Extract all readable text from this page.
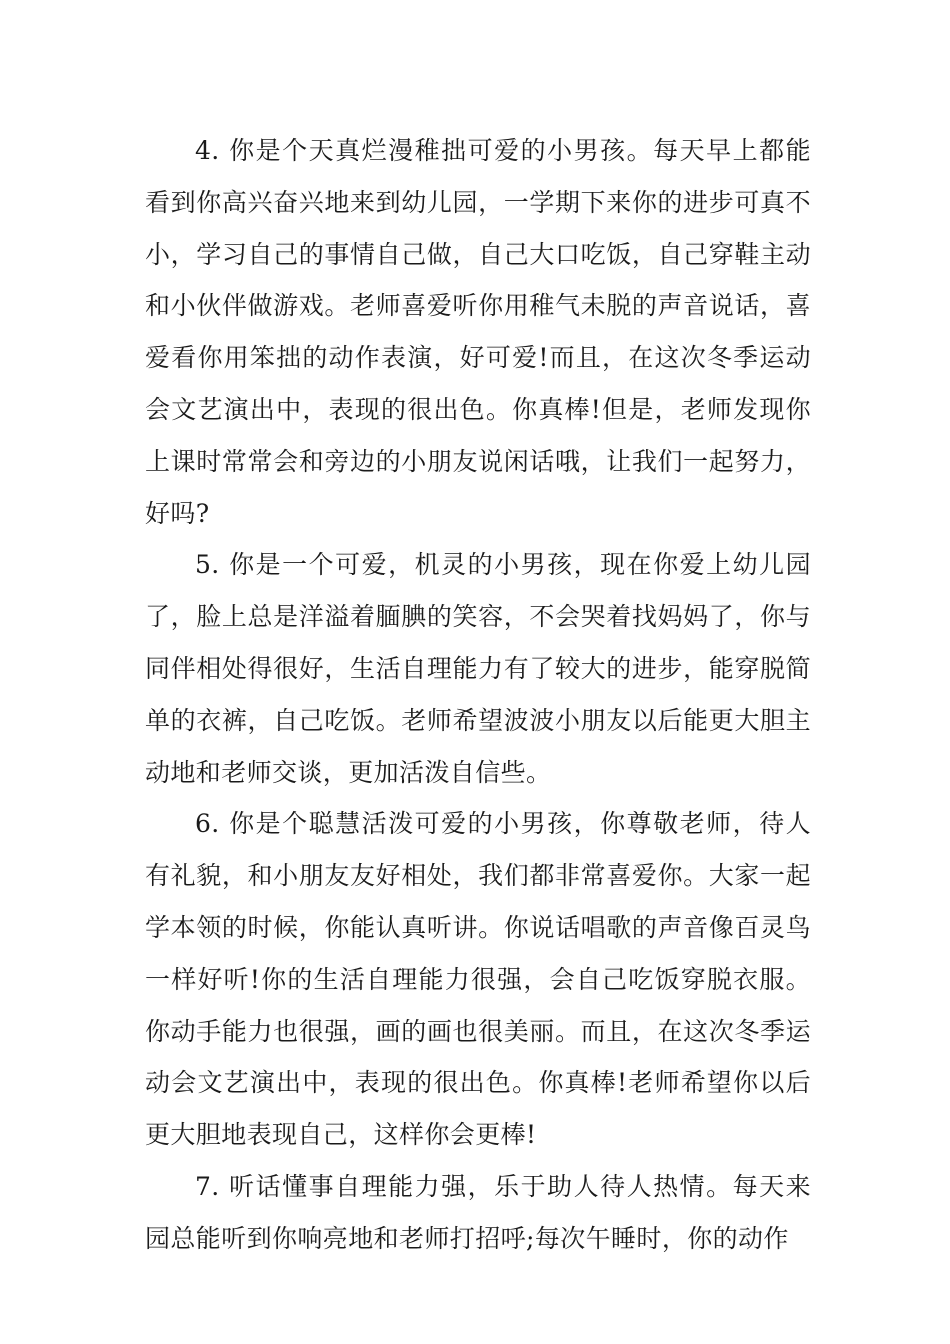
4. 你是个天真烂漫稚拙可爱的小男孩。每天早上都能看到你高兴奋兴地来到幼儿园，一学期下来你的进步可真不小，学习自己的事情自己做，自己大口吃饭，自己穿鞋主动和小伙伴做游戏。老师喜爱听你用稚气未脱的声音说话，喜爱看你用笨拙的动作表演，好可爱!而且，在这次冬季运动会文艺演出中，表现的很出色。你真棒!但是，老师发现你上课时常常会和旁边的小朋友说闲话哦，让我们一起努力，好吗?

5. 你是一个可爱，机灵的小男孩，现在你爱上幼儿园了，脸上总是洋溢着腼腆的笑容，不会哭着找妈妈了，你与同伴相处得很好，生活自理能力有了较大的进步，能穿脱简单的衣裤，自己吃饭。老师希望波波小朋友以后能更大胆主动地和老师交谈，更加活泼自信些。

6. 你是个聪慧活泼可爱的小男孩，你尊敬老师，待人有礼貌，和小朋友友好相处，我们都非常喜爱你。大家一起学本领的时候，你能认真听讲。你说话唱歌的声音像百灵鸟一样好听!你的生活自理能力很强，会自己吃饭穿脱衣服。你动手能力也很强，画的画也很美丽。而且，在这次冬季运动会文艺演出中，表现的很出色。你真棒!老师希望你以后更大胆地表现自己，这样你会更棒!

7. 听话懂事自理能力强，乐于助人待人热情。每天来园总能听到你响亮地和老师打招呼;每次午睡时，你的动作
